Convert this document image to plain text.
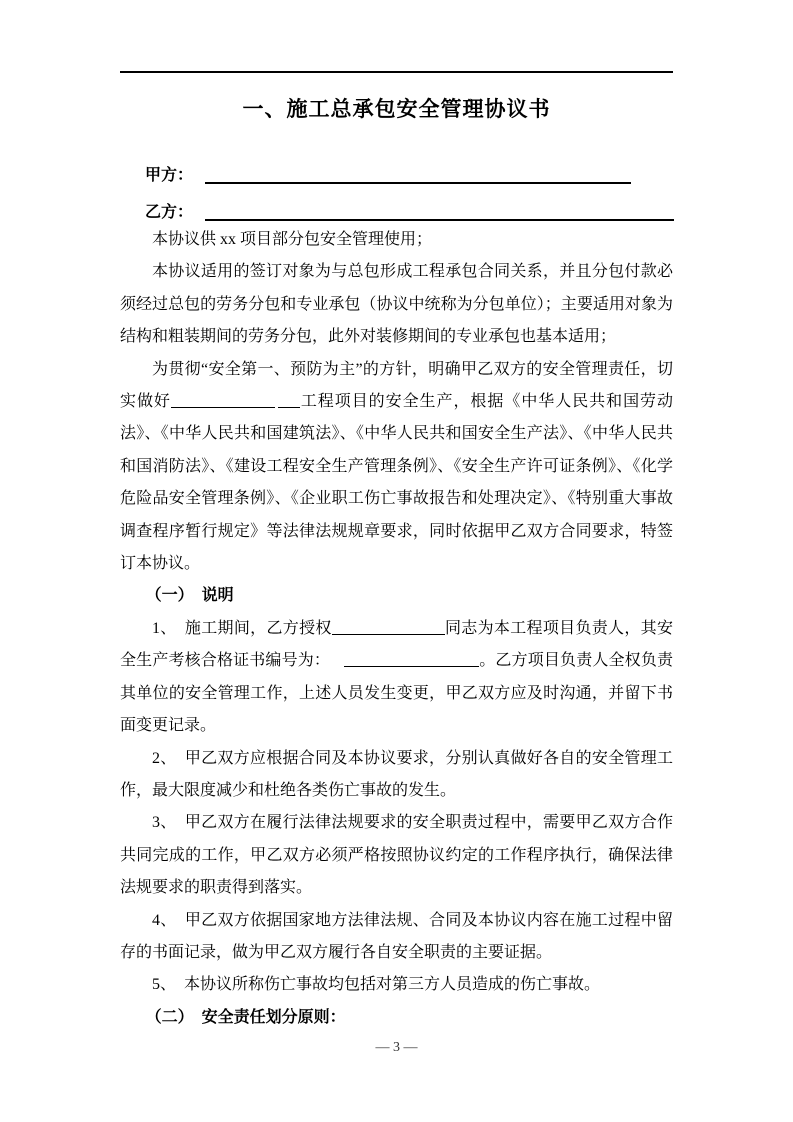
一、施工总承包安全管理协议书
甲方：
乙方：

本协议供 xx 项目部分包安全管理使用；

本协议适用的签订对象为与总包形成工程承包合同关系，并且分包付款必须经过总包的劳务分包和专业承包（协议中统称为分包单位）；主要适用对象为结构和粗装期间的劳务分包，此外对装修期间的专业承包也基本适用；

为贯彻“安全第一、预防为主”的方针，明确甲乙双方的安全管理责任，切实做好	工程项目的安全生产，根据《中华人民共和国劳动法》、《中华人民共和国建筑法》、《中华人民共和国安全生产法》、《中华人民共和国消防法》、《建设工程安全生产管理条例》、《安全生产许可证条例》、《化学危险品安全管理条例》、《企业职工伤亡事故报告和处理决定》、《特别重大事故调查程序暂行规定》等法律法规规章要求，同时依据甲乙双方合同要求，特签订本协议。

（一）　说明

1、　施工期间，乙方授权	同志为本工程项目负责人，其安全生产考核合格证书编号为：	。乙方项目负责人全权负责其单位的安全管理工作，上述人员发生变更，甲乙双方应及时沟通，并留下书面变更记录。

2、　甲乙双方应根据合同及本协议要求，分别认真做好各自的安全管理工作，最大限度减少和杜绝各类伤亡事故的发生。

3、　甲乙双方在履行法律法规要求的安全职责过程中，需要甲乙双方合作共同完成的工作，甲乙双方必须严格按照协议约定的工作程序执行，确保法律法规要求的职责得到落实。

4、　甲乙双方依据国家地方法律法规、合同及本协议内容在施工过程中留存的书面记录，做为甲乙双方履行各自安全职责的主要证据。

5、　本协议所称伤亡事故均包括对第三方人员造成的伤亡事故。

（二）　安全责任划分原则：

— 3 —
